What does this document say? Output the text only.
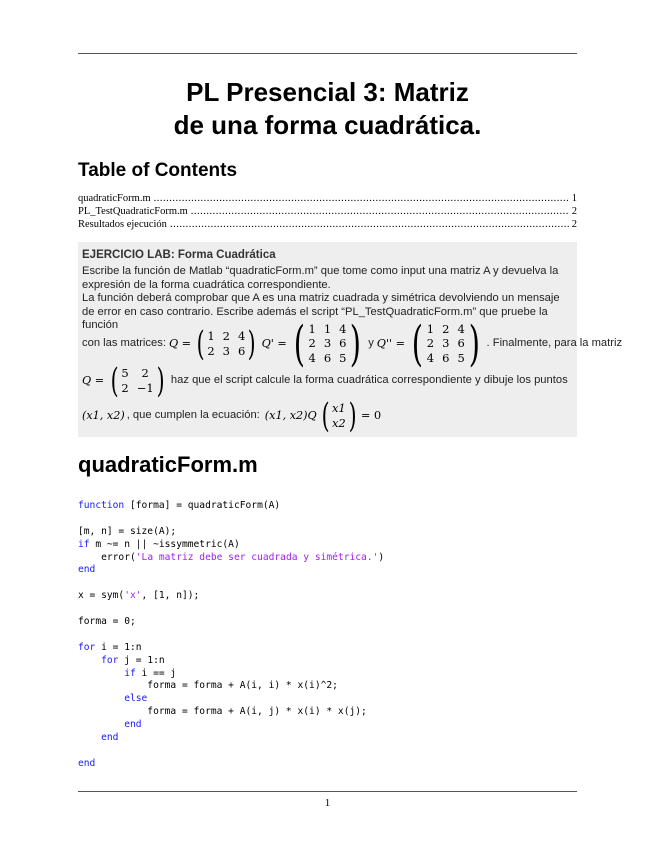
PL Presencial 3: Matriz
de una forma cuadrática.
Table of Contents
quadraticForm.m .....	1
PL_TestQuadraticForm.m .....	2
Resultados ejecución .....	2
EJERCICIO LAB: Forma Cuadrática
Escribe la función de Matlab “quadraticForm.m” que tome como input una matriz A y devuelva la expresión de la forma cuadrática correspondiente.
La función deberá comprobar que A es una matriz cuadrada y simétrica devolviendo un mensaje de error en caso contrario. Escribe además el script “PL_TestQuadraticForm.m” que pruebe la función
con las matrices: Q = ( 1 2 4
2 3 6 ) Q' = ( 1 1 4
2 3 6
4 6 5 ) y Q'' = ( 1 2 4
2 3 6
4 6 5 ) . Finalmente, para la matriz
Q = ( 5	2
2 −1 ) haz que el script calcule la forma cuadrática correspondiente y dibuje los puntos
(x1, x2) , que cumplen la ecuación: (x1, x2)Q ( x1
x2 ) = 0
quadraticForm.m
function [forma] = quadraticForm(A)
[m, n] = size(A);
if m ~= n || ~issymmetric(A)
error('La matriz debe ser cuadrada y simétrica.')
end
x = sym('x', [1, n]);
forma = 0;
for i = 1:n
for j = 1:n
if i == j
forma = forma + A(i, i) * x(i)^2;
else
forma = forma + A(i, j) * x(i) * x(j);
end
end
end
1
